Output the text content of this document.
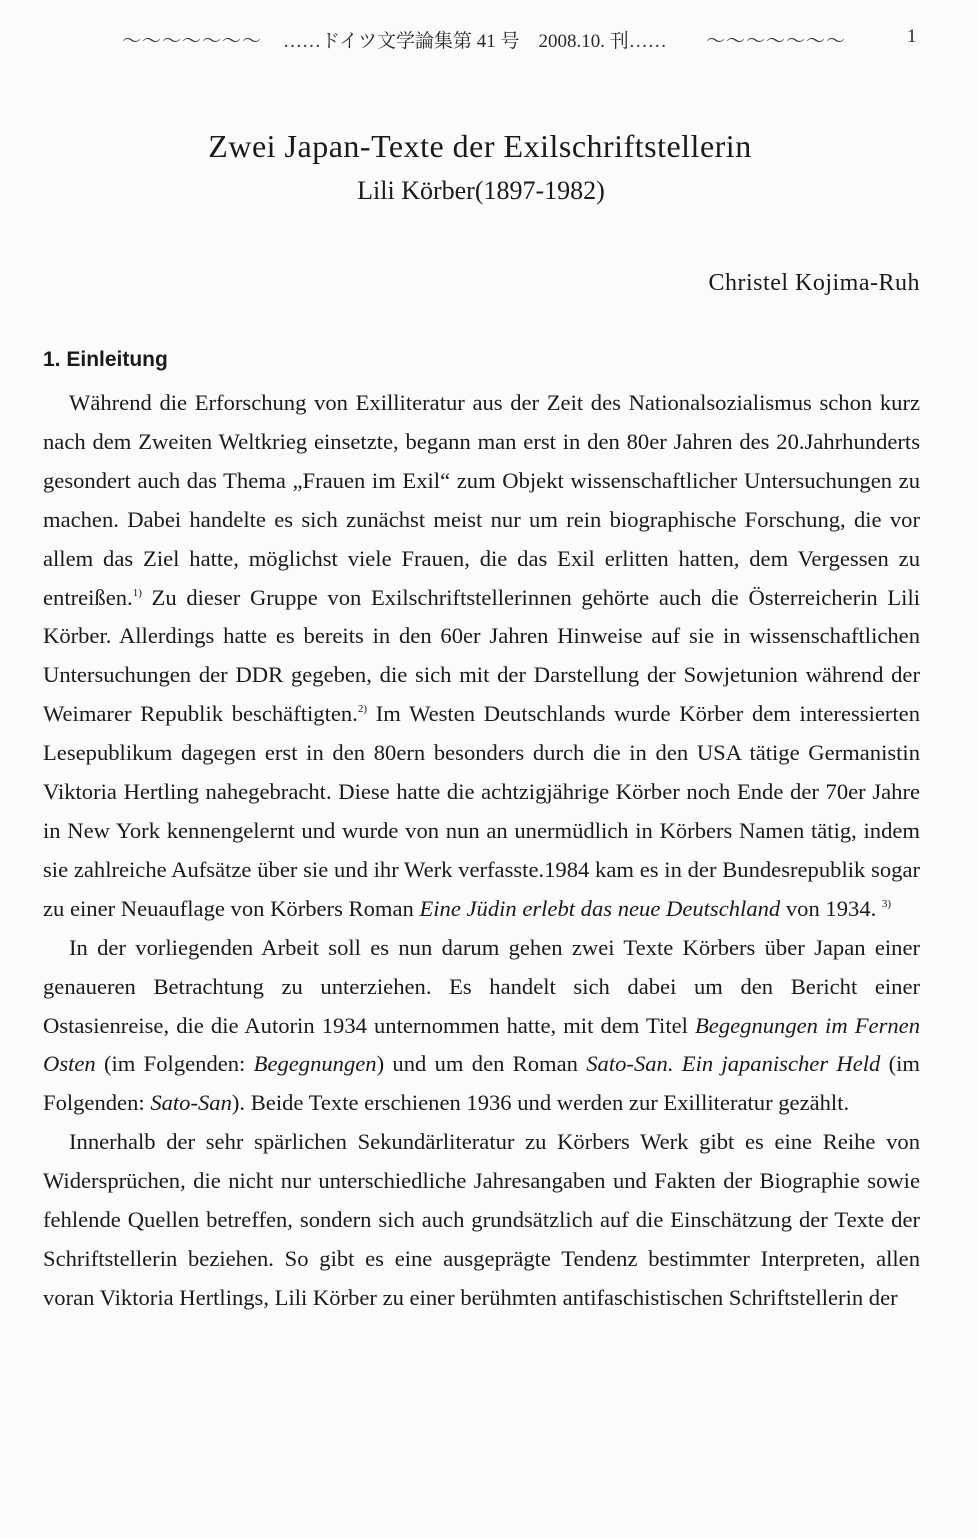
～～～～～～～ ……ドイツ文学論集第 41 号　2008.10. 刊…… ～～～～～～～	1
Zwei Japan-Texte der Exilschriftstellerin
Lili Körber(1897-1982)
Christel Kojima-Ruh
1. Einleitung

Während die Erforschung von Exilliteratur aus der Zeit des Nationalsozialismus schon kurz nach dem Zweiten Weltkrieg einsetzte, begann man erst in den 80er Jahren des 20.Jahrhunderts gesondert auch das Thema „Frauen im Exil“ zum Objekt wissenschaftlicher Untersuchungen zu machen. Dabei handelte es sich zunächst meist nur um rein biographische Forschung, die vor allem das Ziel hatte, möglichst viele Frauen, die das Exil erlitten hatten, dem Vergessen zu entreißen.$^{1)}$ Zu dieser Gruppe von Exilschriftstellerinnen gehörte auch die Österreicherin Lili Körber. Allerdings hatte es bereits in den 60er Jahren Hinweise auf sie in wissenschaftlichen Untersuchungen der DDR gegeben, die sich mit der Darstellung der Sowjetunion während der Weimarer Republik beschäftigten.$^{2)}$ Im Westen Deutschlands wurde Körber dem interessierten Lesepublikum dagegen erst in den 80ern besonders durch die in den USA tätige Germanistin Viktoria Hertling nahegebracht. Diese hatte die achtzigjährige Körber noch Ende der 70er Jahre in New York kennengelernt und wurde von nun an unermüdlich in Körbers Namen tätig, indem sie zahlreiche Aufsätze über sie und ihr Werk verfasste.1984 kam es in der Bundesrepublik sogar zu einer Neuauflage von Körbers Roman Eine Jüdin erlebt das neue Deutschland von 1934. $^{3)}$

In der vorliegenden Arbeit soll es nun darum gehen zwei Texte Körbers über Japan einer genaueren Betrachtung zu unterziehen. Es handelt sich dabei um den Bericht einer Ostasienreise, die die Autorin 1934 unternommen hatte, mit dem Titel Begegnungen im Fernen Osten (im Folgenden: Begegnungen) und um den Roman Sato-San. Ein japanischer Held (im Folgenden: Sato-San). Beide Texte erschienen 1936 und werden zur Exilliteratur gezählt.

Innerhalb der sehr spärlichen Sekundärliteratur zu Körbers Werk gibt es eine Reihe von Widersprüchen, die nicht nur unterschiedliche Jahresangaben und Fakten der Biographie sowie fehlende Quellen betreffen, sondern sich auch grundsätzlich auf die Einschätzung der Texte der Schriftstellerin beziehen. So gibt es eine ausgeprägte Tendenz bestimmter Interpreten, allen voran Viktoria Hertlings, Lili Körber zu einer berühmten antifaschistischen Schriftstellerin der
